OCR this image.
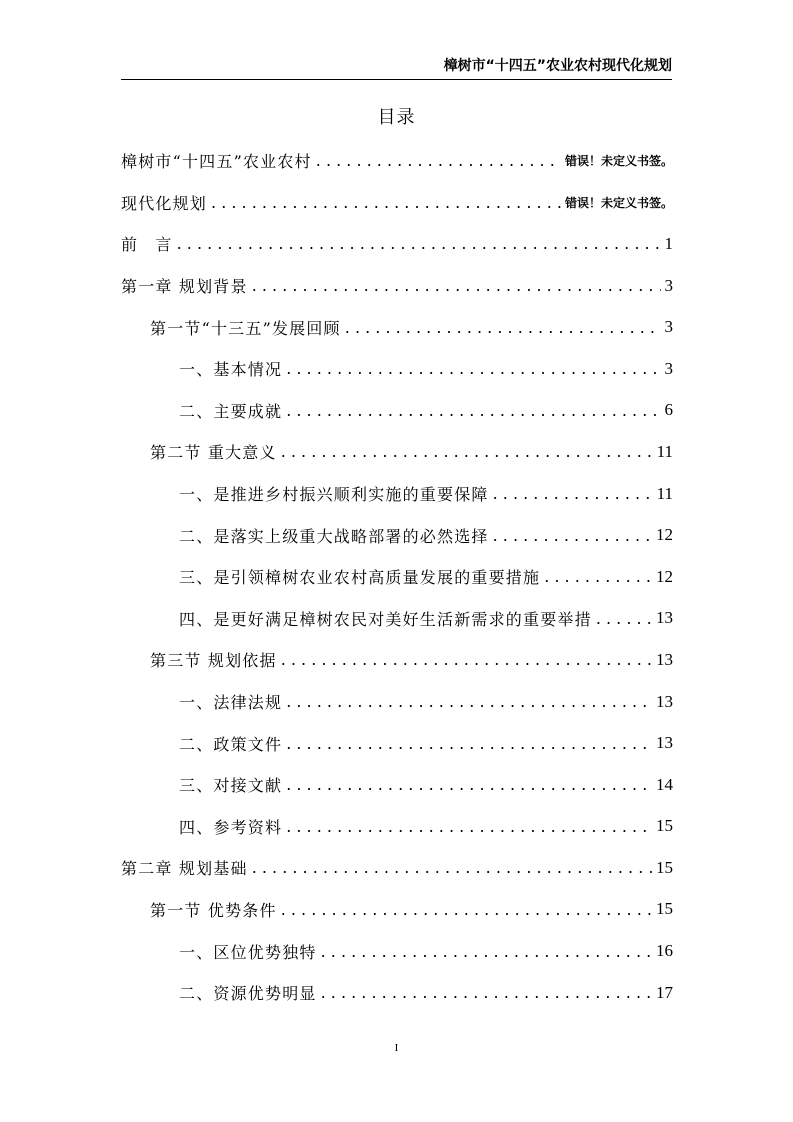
樟树市“十四五”农业农村现代化规划
目录
樟树市“十四五”农业农村 . . .	错误！未定义书签。
现代化规划 . . .	错误！未定义书签。
前　言 . . .	1
第一章 规划背景 . . .	3
第一节“十三五”发展回顾 . . .	3
一、基本情况 . . .	3
二、主要成就 . . .	6
第二节 重大意义 . . .	11
一、是推进乡村振兴顺利实施的重要保障 . . .	11
二、是落实上级重大战略部署的必然选择 . . .	12
三、是引领樟树农业农村高质量发展的重要措施 . . .	12
四、是更好满足樟树农民对美好生活新需求的重要举措 . . .	13
第三节 规划依据 . . .	13
一、法律法规 . . .	13
二、政策文件 . . .	13
三、对接文献 . . .	14
四、参考资料 . . .	15
第二章 规划基础 . . .	15
第一节 优势条件 . . .	15
一、区位优势独特 . . .	16
二、资源优势明显 . . .	17
I
